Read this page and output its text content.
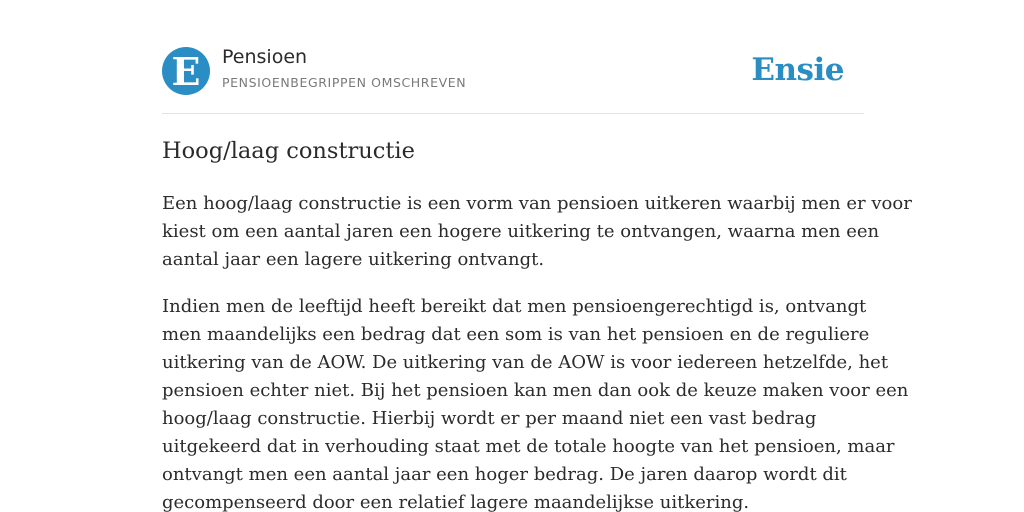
E Pensioen
PENSIOENBEGRIPPEN OMSCHREVEN	Ensie
Hoog/laag constructie

Een hoog/laag constructie is een vorm van pensioen uitkeren waarbij men er voor
kiest om een aantal jaren een hogere uitkering te ontvangen, waarna men een
aantal jaar een lagere uitkering ontvangt.

Indien men de leeftijd heeft bereikt dat men pensioengerechtigd is, ontvangt
men maandelijks een bedrag dat een som is van het pensioen en de reguliere
uitkering van de AOW. De uitkering van de AOW is voor iedereen hetzelfde, het
pensioen echter niet. Bij het pensioen kan men dan ook de keuze maken voor een
hoog/laag constructie. Hierbij wordt er per maand niet een vast bedrag
uitgekeerd dat in verhouding staat met de totale hoogte van het pensioen, maar
ontvangt men een aantal jaar een hoger bedrag. De jaren daarop wordt dit
gecompenseerd door een relatief lagere maandelijkse uitkering.
